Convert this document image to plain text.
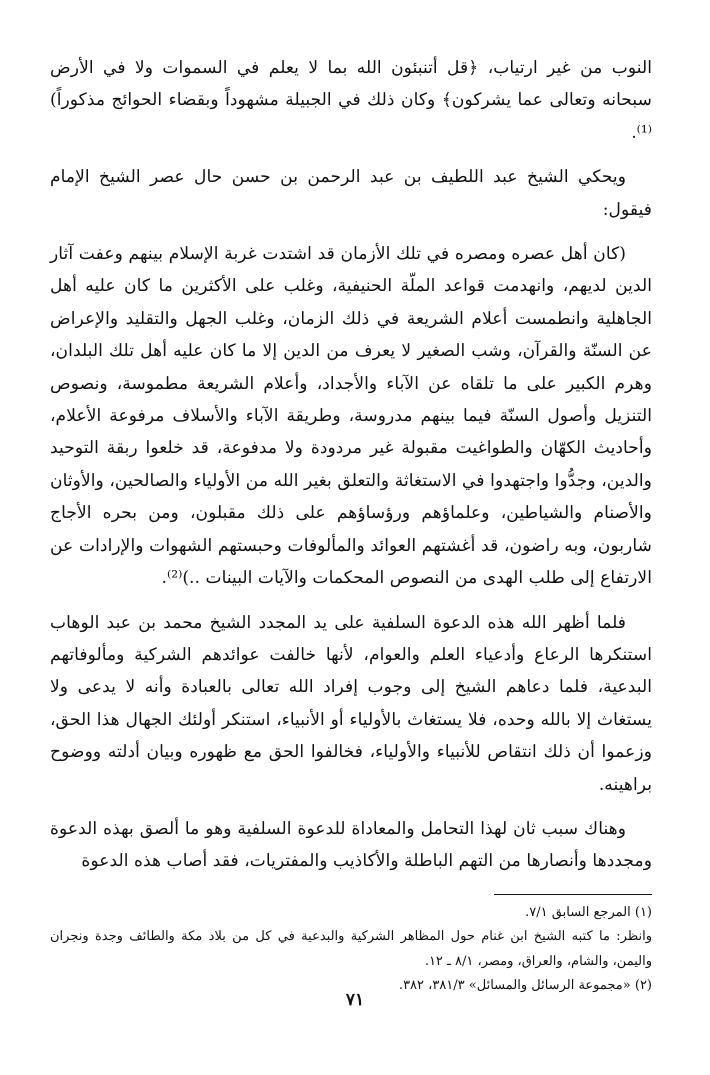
النوب من غير ارتياب، ﴿قل أتنبئون الله بما لا يعلم في السموات ولا في الأرض سبحانه وتعالى عما يشركون﴾ وكان ذلك في الجبيلة مشهوداً وبقضاء الحوائج مذكوراً)⁽¹⁾.

ويحكي الشيخ عبد اللطيف بن عبد الرحمن بن حسن حال عصر الشيخ الإمام فيقول:

(كان أهل عصره ومصره في تلك الأزمان قد اشتدت غربة الإسلام بينهم وعفت آثار الدين لديهم، وانهدمت قواعد الملّة الحنيفية، وغلب على الأكثرين ما كان عليه أهل الجاهلية وانطمست أعلام الشريعة في ذلك الزمان، وغلب الجهل والتقليد والإعراض عن السنّة والقرآن، وشب الصغير لا يعرف من الدين إلا ما كان عليه أهل تلك البلدان، وهرم الكبير على ما تلقاه عن الآباء والأجداد، وأعلام الشريعة مطموسة، ونصوص التنزيل وأصول السنّة فيما بينهم مدروسة، وطريقة الآباء والأسلاف مرفوعة الأعلام، وأحاديث الكهّان والطواغيت مقبولة غير مردودة ولا مدفوعة، قد خلعوا ربقة التوحيد والدين، وجدُّوا واجتهدوا في الاستغاثة والتعلق بغير الله من الأولياء والصالحين، والأوثان والأصنام والشياطين، وعلماؤهم ورؤساؤهم على ذلك مقبلون، ومن بحره الأجاج شاربون، وبه راضون، قد أغشتهم العوائد والمألوفات وحبستهم الشهوات والإرادات عن الارتفاع إلى طلب الهدى من النصوص المحكمات والآيات البينات ..)⁽²⁾.

فلما أظهر الله هذه الدعوة السلفية على يد المجدد الشيخ محمد بن عبد الوهاب استنكرها الرعاع وأدعياء العلم والعوام، لأنها خالفت عوائدهم الشركية ومألوفاتهم البدعية، فلما دعاهم الشيخ إلى وجوب إفراد الله تعالى بالعبادة وأنه لا يدعى ولا يستغاث إلا بالله وحده، فلا يستغاث بالأولياء أو الأنبياء، استنكر أولئك الجهال هذا الحق، وزعموا أن ذلك انتقاص للأنبياء والأولياء، فخالفوا الحق مع ظهوره وبيان أدلته ووضوح براهينه.

وهناك سبب ثان لهذا التحامل والمعاداة للدعوة السلفية وهو ما ألصق بهذه الدعوة ومجددها وأنصارها من التهم الباطلة والأكاذيب والمفتريات، فقد أصاب هذه الدعوة

(١) المرجع السابق ٧/١.

وانظر: ما كتبه الشيخ ابن غنام حول المظاهر الشركية والبدعية في كل من بلاد مكة والطائف وجدة ونجران واليمن، والشام، والعراق، ومصر، ٨/١ ـ ١٢.

(٢) «مجموعة الرسائل والمسائل» ٣٨١/٣، ٣٨٢.

٧١
